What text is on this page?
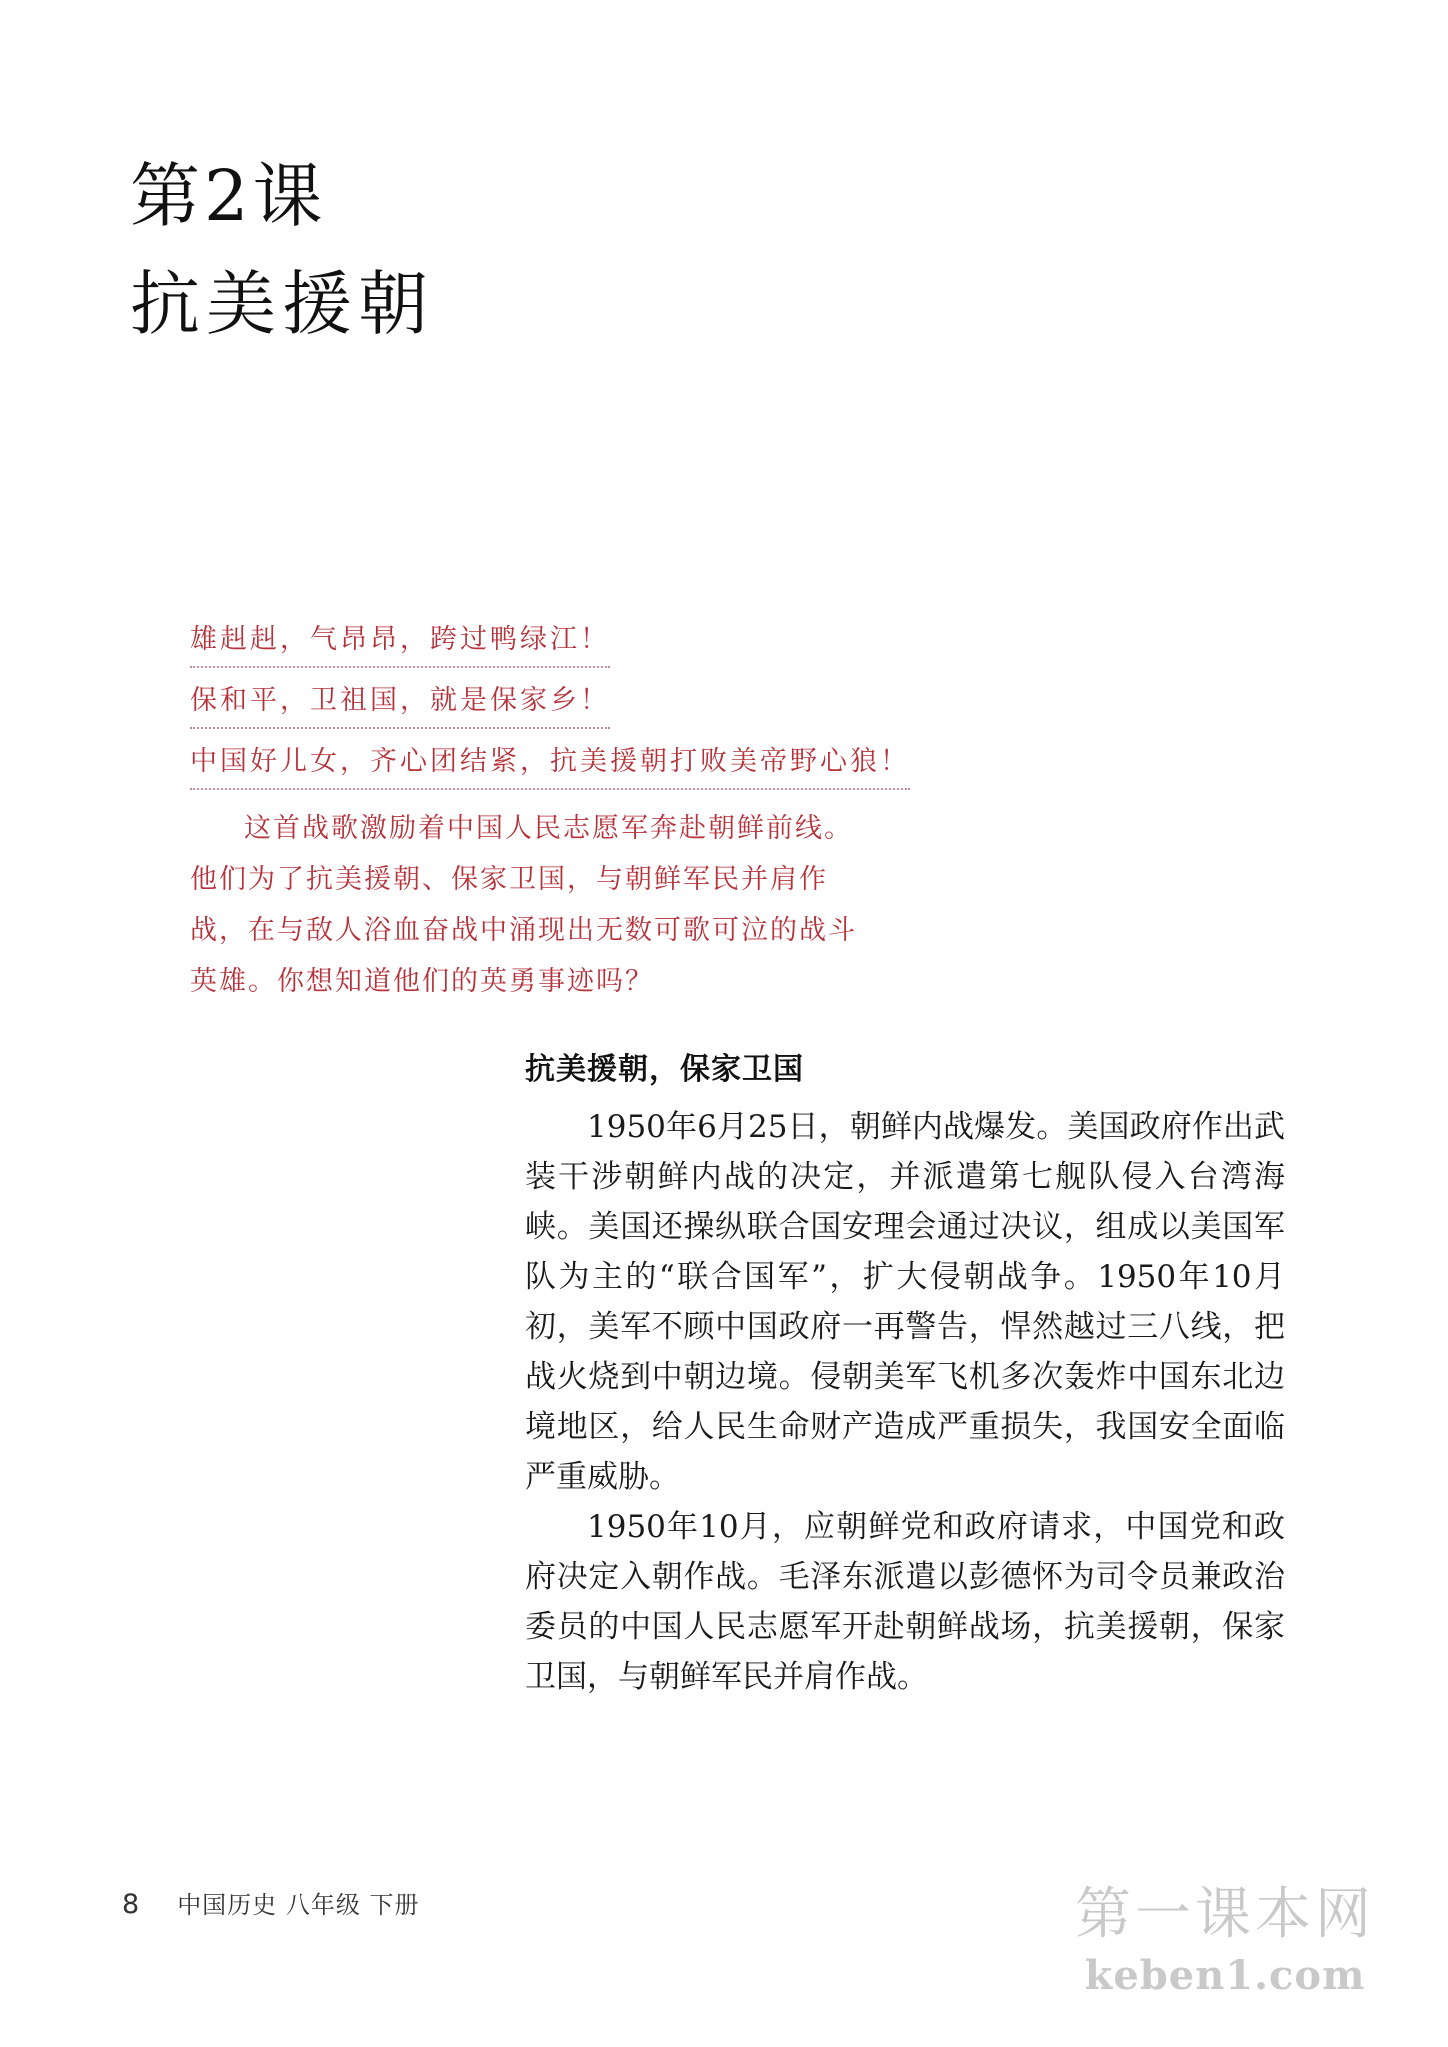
第2课
抗美援朝
雄赳赳，气昂昂，跨过鸭绿江！
保和平，卫祖国，就是保家乡！
中国好儿女，齐心团结紧，抗美援朝打败美帝野心狼！

这首战歌激励着中国人民志愿军奔赴朝鲜前线。他们为了抗美援朝、保家卫国，与朝鲜军民并肩作战，在与敌人浴血奋战中涌现出无数可歌可泣的战斗英雄。你想知道他们的英勇事迹吗？

抗美援朝，保家卫国

1950年6月25日，朝鲜内战爆发。美国政府作出武装干涉朝鲜内战的决定，并派遣第七舰队侵入台湾海峡。美国还操纵联合国安理会通过决议，组成以美国军队为主的“联合国军”，扩大侵朝战争。1950年10月初，美军不顾中国政府一再警告，悍然越过三八线，把战火烧到中朝边境。侵朝美军飞机多次轰炸中国东北边境地区，给人民生命财产造成严重损失，我国安全面临严重威胁。

1950年10月，应朝鲜党和政府请求，中国党和政府决定入朝作战。毛泽东派遣以彭德怀为司令员兼政治委员的中国人民志愿军开赴朝鲜战场，抗美援朝，保家卫国，与朝鲜军民并肩作战。

8 中国历史 八年级 下册	第一课本网
keben1.com
